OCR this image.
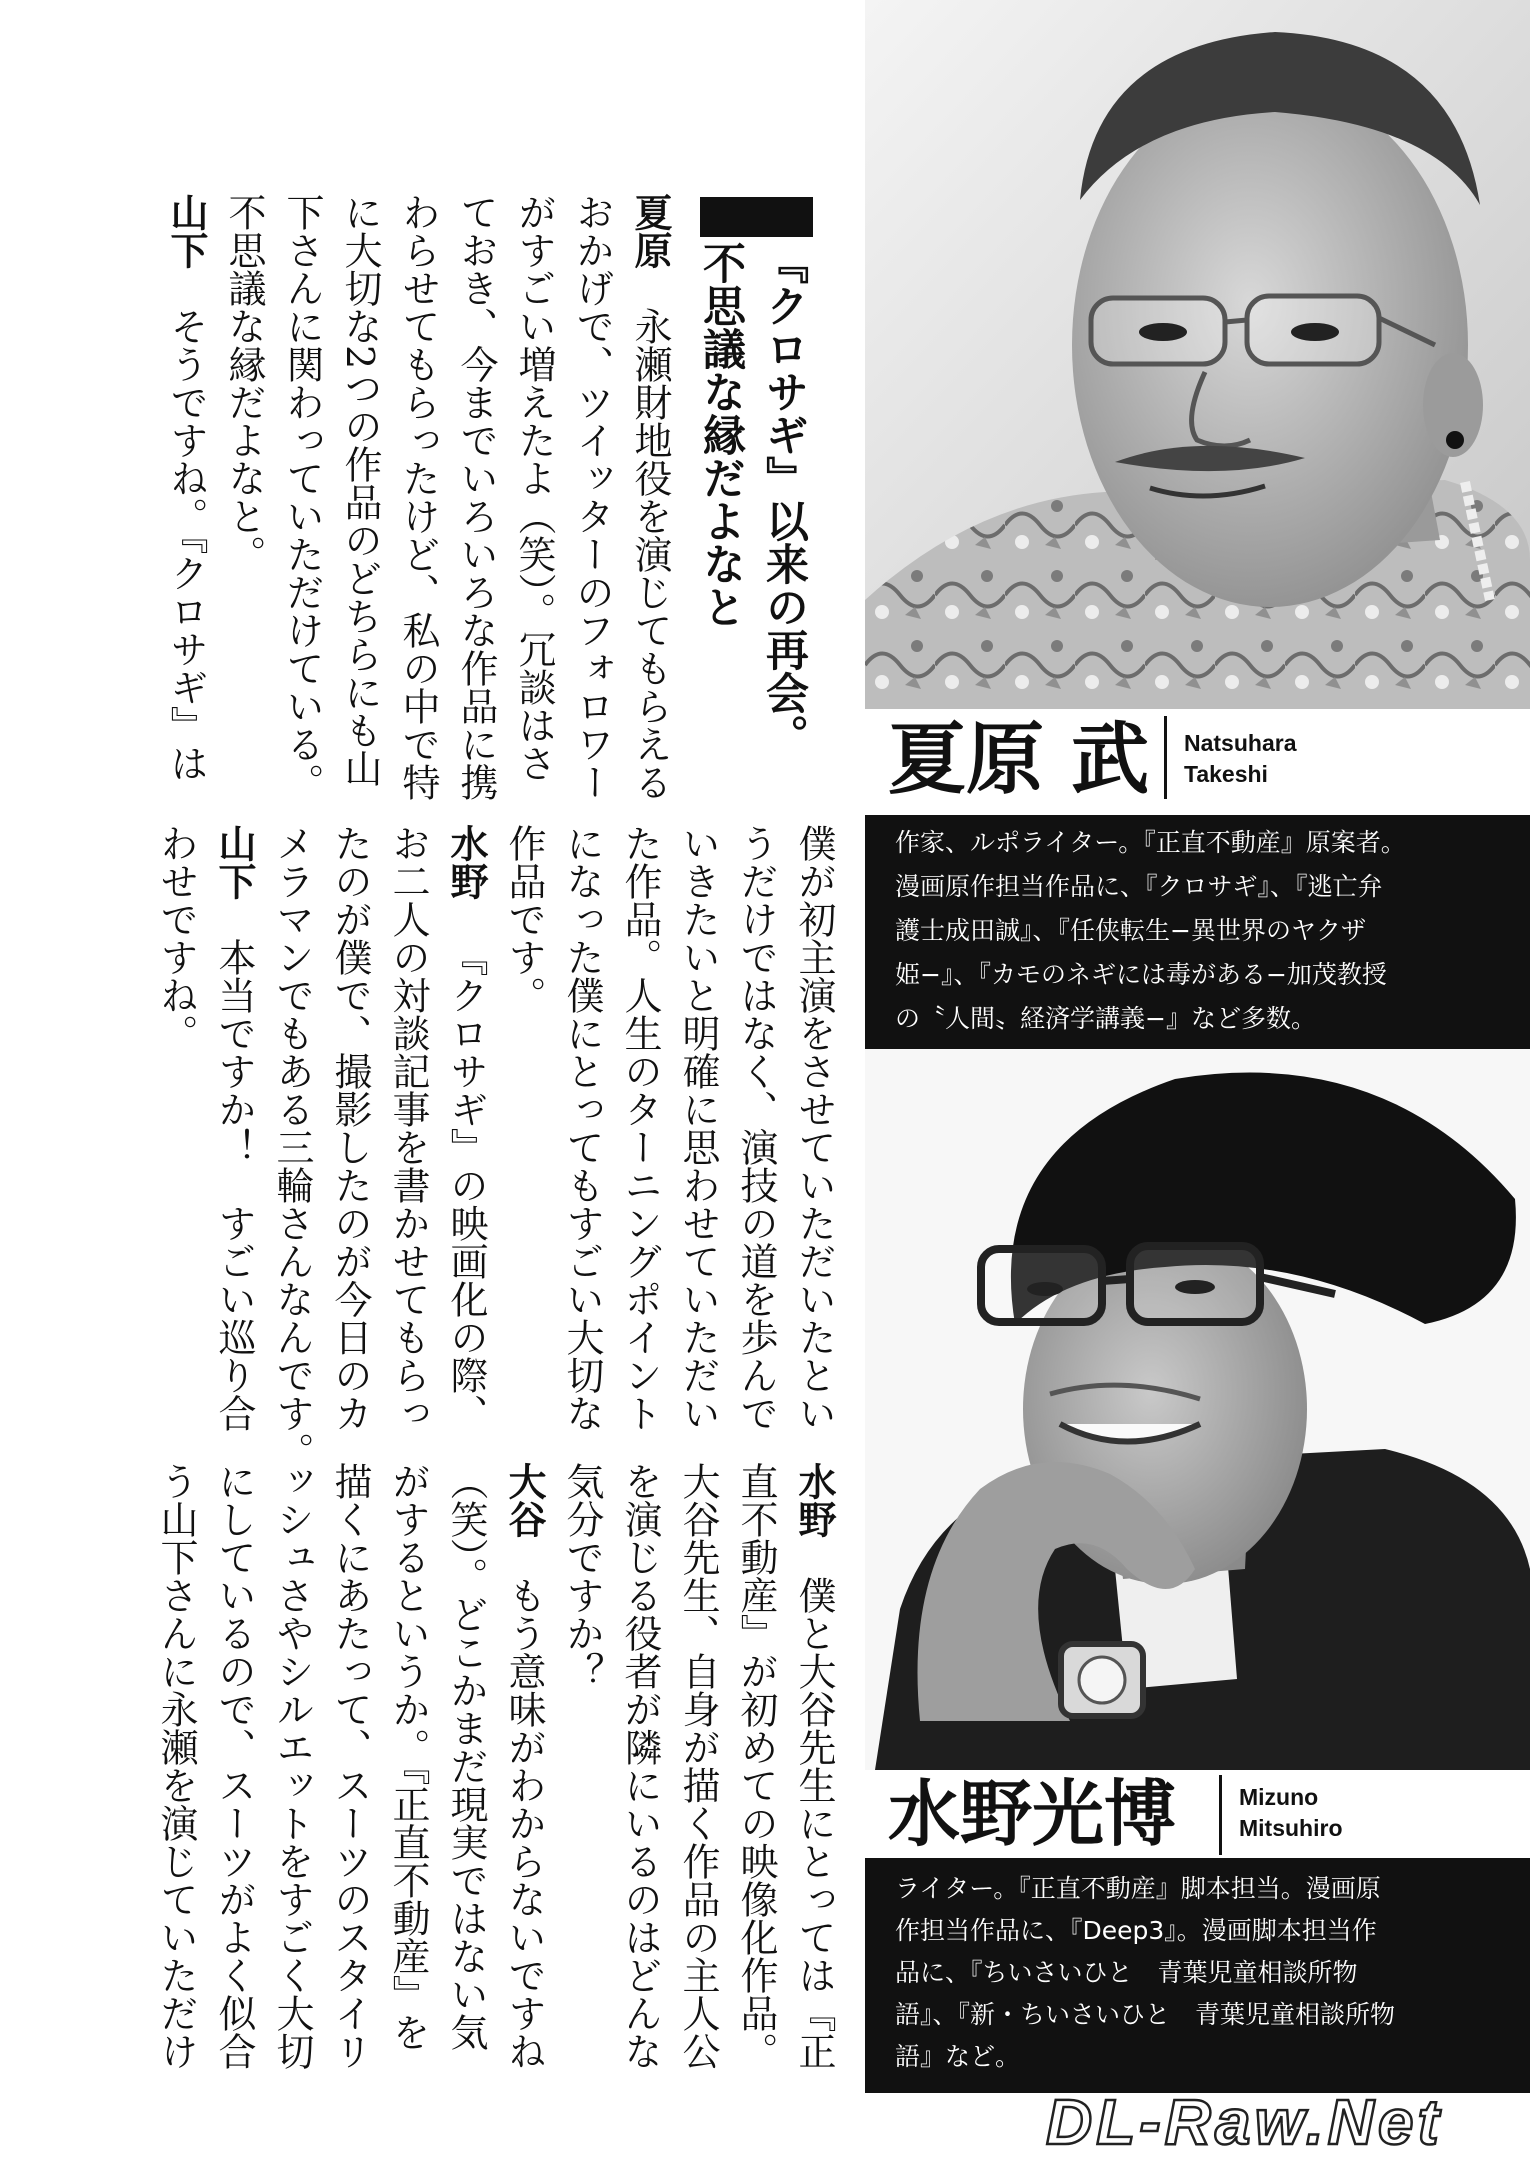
『クロサギ』以来の再会。

不思議な縁だよなと

夏原永瀬財地役を演じてもらえる

おかげで、ツイッターのフォロワー

がすごい増えたよ（笑）。冗談はさ

ておき、今までいろいろな作品に携

わらせてもらったけど、私の中で特

に大切な2つの作品のどちらにも山

下さんに関わっていただけている。

不思議な縁だよなと。

山下そうですね。『クロサギ』は

僕が初主演をさせていただいたとい

うだけではなく、演技の道を歩んで

いきたいと明確に思わせていただい

た作品。人生のターニングポイント

になった僕にとってもすごい大切な

作品です。

水野『クロサギ』の映画化の際、

お二人の対談記事を書かせてもらっ

たのが僕で、撮影したのが今日のカ

メラマンでもある三輪さんなんです。

山下本当ですか！　すごい巡り合

わせですね。

水野僕と大谷先生にとっては『正

直不動産』が初めての映像化作品。

大谷先生、自身が描く作品の主人公

を演じる役者が隣にいるのはどんな

気分ですか？

大谷もう意味がわからないですね

（笑）。どこかまだ現実ではない気

がするというか。『正直不動産』を

描くにあたって、スーツのスタイリ

ッシュさやシルエットをすごく大切

にしているので、スーツがよく似合

う山下さんに永瀬を演じていただけ

夏原 武 Natsuhara
Takeshi
作家、ルポライター。『正直不動産』原案者。
漫画原作担当作品に、『クロサギ』、『逃亡弁
護士成田誠』、『任侠転生−異世界のヤクザ
姫−』、『カモのネギには毒がある−加茂教授
の〝人間〟経済学講義−』など多数。
水野光博	Mizuno
Mitsuhiro
ライター。『正直不動産』脚本担当。漫画原
作担当作品に、『Deep3』。漫画脚本担当作
品に、『ちいさいひと　青葉児童相談所物
語』、『新・ちいさいひと　青葉児童相談所物
語』など。
DL-Raw.Net
